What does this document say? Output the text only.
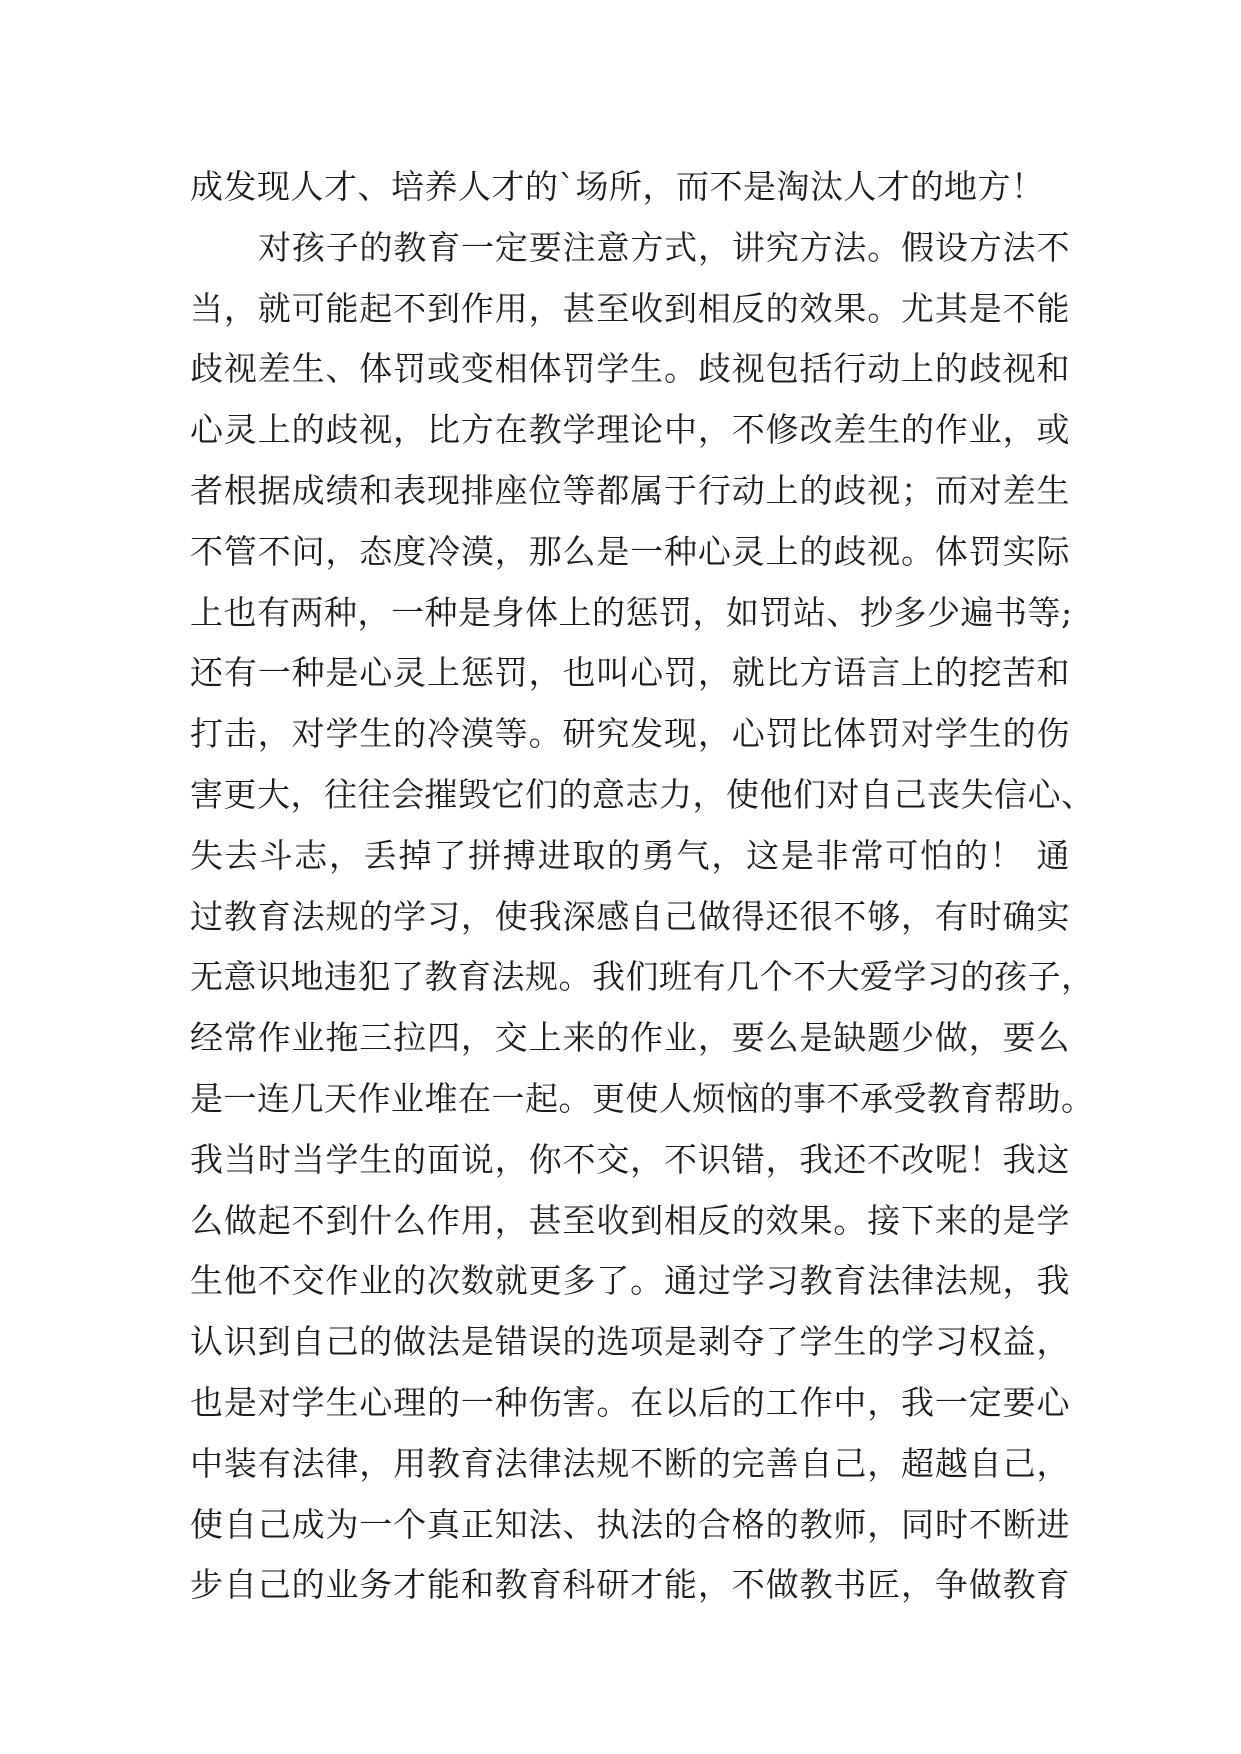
成发现人才、培养人才的`场所，而不是淘汰人才的地方！
对孩子的教育一定要注意方式，讲究方法。假设方法不
当，就可能起不到作用，甚至收到相反的效果。尤其是不能
歧视差生、体罚或变相体罚学生。歧视包括行动上的歧视和
心灵上的歧视，比方在教学理论中，不修改差生的作业，或
者根据成绩和表现排座位等都属于行动上的歧视；而对差生
不管不问，态度冷漠，那么是一种心灵上的歧视。体罚实际
上也有两种，一种是身体上的惩罚，如罚站、抄多少遍书等;
还有一种是心灵上惩罚，也叫心罚，就比方语言上的挖苦和
打击，对学生的冷漠等。研究发现，心罚比体罚对学生的伤
害更大，往往会摧毁它们的意志力，使他们对自己丧失信心、
失去斗志，丢掉了拼搏进取的勇气，这是非常可怕的！ 通
过教育法规的学习，使我深感自己做得还很不够，有时确实
无意识地违犯了教育法规。我们班有几个不大爱学习的孩子，
经常作业拖三拉四，交上来的作业，要么是缺题少做，要么
是一连几天作业堆在一起。更使人烦恼的事不承受教育帮助。
我当时当学生的面说，你不交，不识错，我还不改呢！我这
么做起不到什么作用，甚至收到相反的效果。接下来的是学
生他不交作业的次数就更多了。通过学习教育法律法规，我
认识到自己的做法是错误的选项是剥夺了学生的学习权益，
也是对学生心理的一种伤害。在以后的工作中，我一定要心
中装有法律，用教育法律法规不断的完善自己，超越自己，
使自己成为一个真正知法、执法的合格的教师，同时不断进
步自己的业务才能和教育科研才能，不做教书匠，争做教育
